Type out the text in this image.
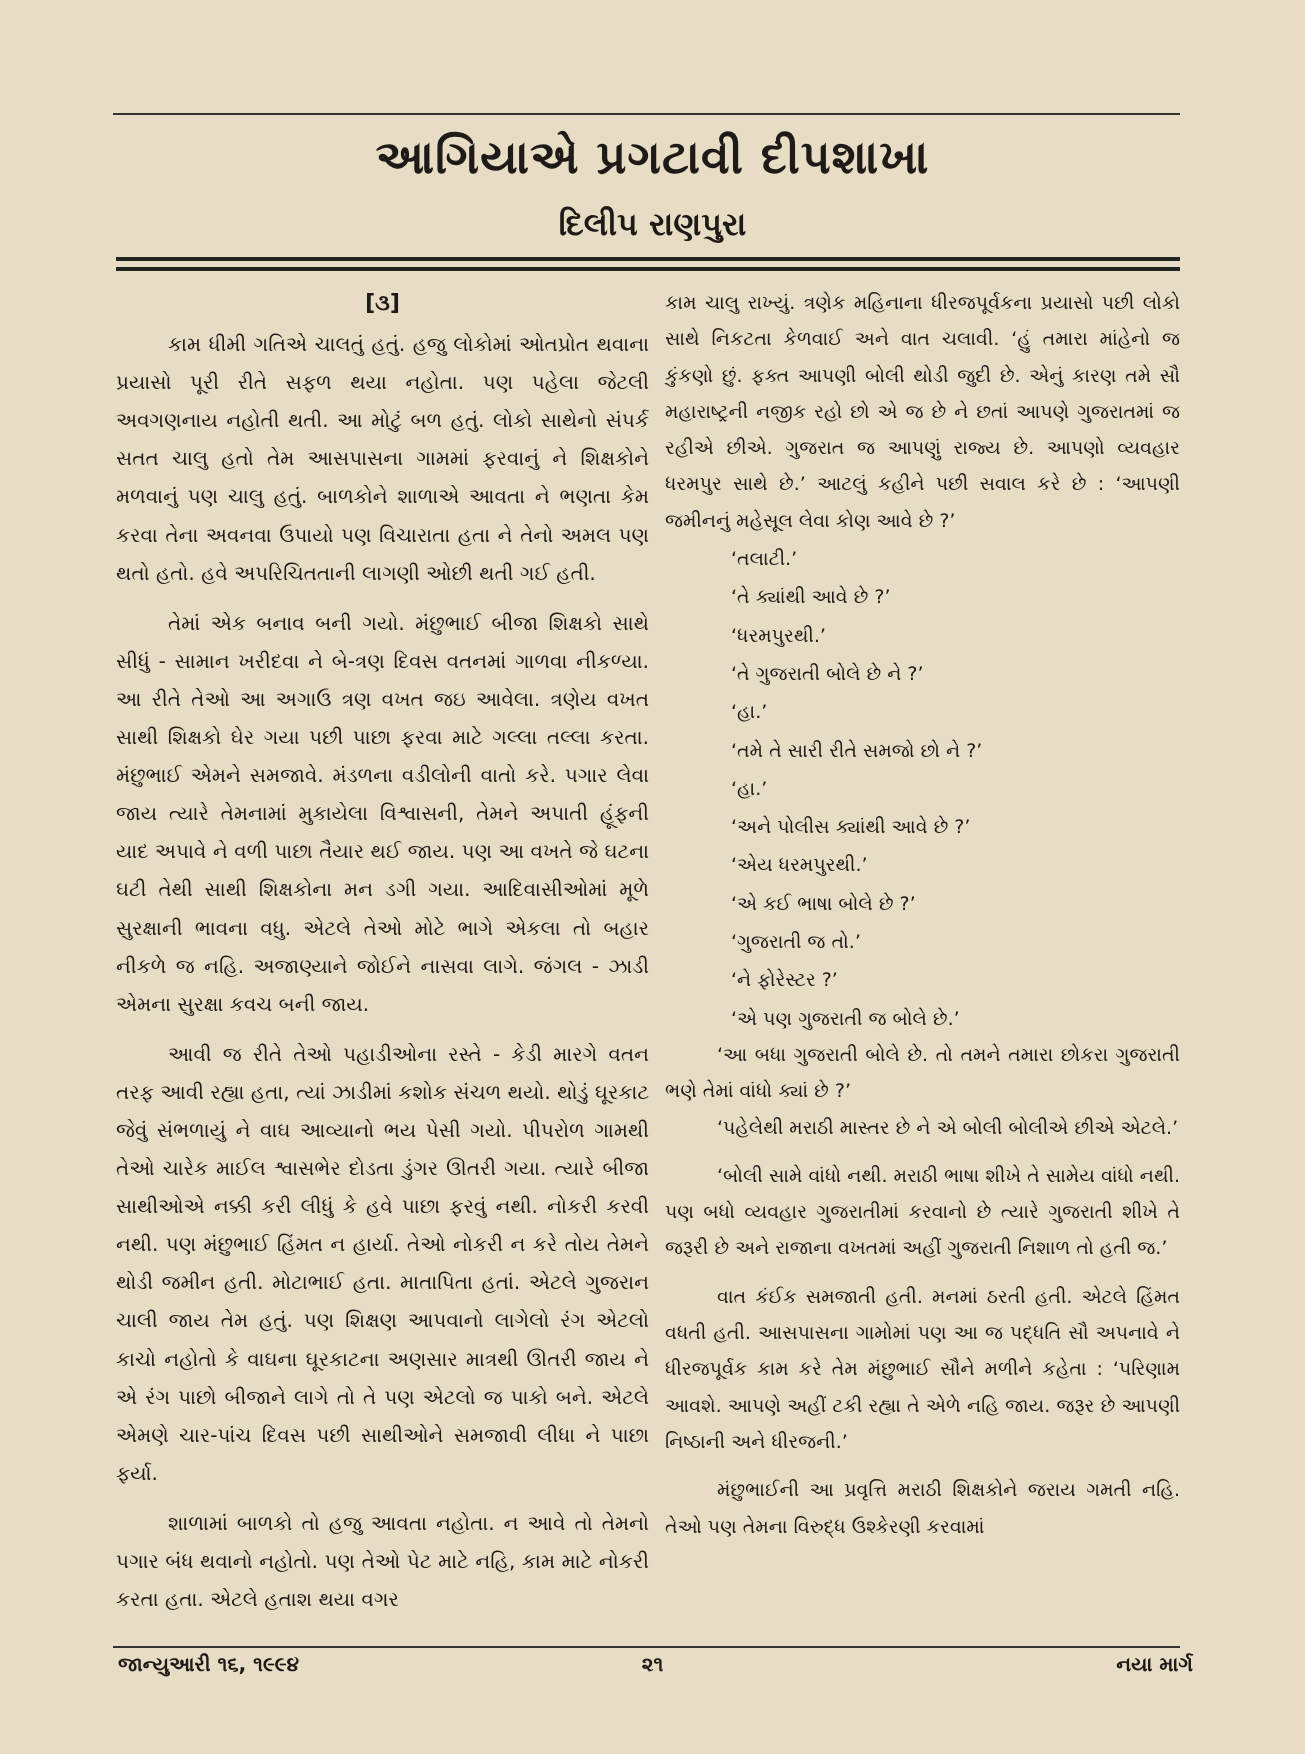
આગિયાએ પ્રગટાવી દીપશાખા
દિલીપ રાણપુરા
[૩]

કામ ધીમી ગતિએ ચાલતું હતું. હજુ લોકોમાં ઓતપ્રોત થવાના પ્રયાસો પૂરી રીતે સફળ થયા નહોતા. પણ પહેલા જેટલી અવગણનાય નહોતી થતી. આ મોટું બળ હતું. લોકો સાથેનો સંપર્ક સતત ચાલુ હતો તેમ આસપાસના ગામમાં ફરવાનું ને શિક્ષકોને મળવાનું પણ ચાલુ હતું. બાળકોને શાળાએ આવતા ને ભણતા કેમ કરવા તેના અવનવા ઉપાયો પણ વિચારાતા હતા ને તેનો અમલ પણ થતો હતો. હવે અપરિચિતતાની લાગણી ઓછી થતી ગઈ હતી.

તેમાં એક બનાવ બની ગયો. મંછુભાઈ બીજા શિક્ષકો સાથે સીધું - સામાન ખરીદવા ને બે-ત્રણ દિવસ વતનમાં ગાળવા નીકળ્યા. આ રીતે તેઓ આ અગાઉ ત્રણ વખત જઇ આવેલા. ત્રણેય વખત સાથી શિક્ષકો ઘેર ગયા પછી પાછા ફરવા માટે ગલ્લા તલ્લા કરતા. મંછુભાઈ એમને સમજાવે. મંડળના વડીલોની વાતો કરે. પગાર લેવા જાય ત્યારે તેમનામાં મુકાયેલા વિશ્વાસની, તેમને અપાતી હૂંફની યાદ અપાવે ને વળી પાછા તૈયાર થઈ જાય. પણ આ વખતે જે ઘટના ઘટી તેથી સાથી શિક્ષકોના મન ડગી ગયા. આદિવાસીઓમાં મૂળે સુરક્ષાની ભાવના વધુ. એટલે તેઓ મોટે ભાગે એકલા તો બહાર નીકળે જ નહિ. અજાણ્યાને જોઈને નાસવા લાગે. જંગલ - ઝાડી એમના સુરક્ષા કવચ બની જાય.

આવી જ રીતે તેઓ પહાડીઓના રસ્તે - કેડી મારગે વતન તરફ આવી રહ્યા હતા, ત્યાં ઝાડીમાં કશોક સંચળ થયો. થોડું ઘૂરકાટ જેવું સંભળાયું ને વાઘ આવ્યાનો ભય પેસી ગયો. પીપરોળ ગામથી તેઓ ચારેક માઈલ શ્વાસભેર દોડતા ડુંગર ઊતરી ગયા. ત્યારે બીજા સાથીઓએ નક્કી કરી લીધું કે હવે પાછા ફરવું નથી. નોકરી કરવી નથી. પણ મંછુભાઈ હિંમત ન હાર્યા. તેઓ નોકરી ન કરે તોય તેમને થોડી જમીન હતી. મોટાભાઈ હતા. માતાપિતા હતાં. એટલે ગુજરાન ચાલી જાય તેમ હતું. પણ શિક્ષણ આપવાનો લાગેલો રંગ એટલો કાચો નહોતો કે વાઘના ઘૂરકાટના અણસાર માત્રથી ઊતરી જાય ને એ રંગ પાછો બીજાને લાગે તો તે પણ એટલો જ પાકો બને. એટલે એમણે ચાર-પાંચ દિવસ પછી સાથીઓને સમજાવી લીધા ને પાછા ફર્યા.

શાળામાં બાળકો તો હજુ આવતા નહોતા. ન આવે તો તેમનો પગાર બંધ થવાનો નહોતો. પણ તેઓ પેટ માટે નહિ, કામ માટે નોકરી કરતા હતા. એટલે હતાશ થયા વગર

કામ ચાલુ રાખ્યું. ત્રણેક મહિનાના ધીરજપૂર્વકના પ્રયાસો પછી લોકો સાથે નિકટતા કેળવાઈ અને વાત ચલાવી. ‘હું તમારા માંહેનો જ કુંકણો છું. ફક્ત આપણી બોલી થોડી જુદી છે. એનું કારણ તમે સૌ મહારાષ્ટ્રની નજીક રહો છો એ જ છે ને છતાં આપણે ગુજરાતમાં જ રહીએ છીએ. ગુજરાત જ આપણું રાજ્ય છે. આપણો વ્યવહાર ધરમપુર સાથે છે.’ આટલું કહીને પછી સવાલ કરે છે : ‘આપણી જમીનનું મહેસૂલ લેવા કોણ આવે છે ?’

‘તલાટી.’

‘તે ક્યાંથી આવે છે ?’

‘ધરમપુરથી.’

‘તે ગુજરાતી બોલે છે ને ?’

‘હા.’

‘તમે તે સારી રીતે સમજો છો ને ?’

‘હા.’

‘અને પોલીસ ક્યાંથી આવે છે ?’

‘એય ધરમપુરથી.’

‘એ કઈ ભાષા બોલે છે ?’

‘ગુજરાતી જ તો.’

‘ને ફોરેસ્ટર ?’

‘એ પણ ગુજરાતી જ બોલે છે.’

‘આ બધા ગુજરાતી બોલે છે. તો તમને તમારા છોકરા ગુજરાતી ભણે તેમાં વાંધો ક્યાં છે ?’

‘પહેલેથી મરાઠી માસ્તર છે ને એ બોલી બોલીએ છીએ એટલે.’

‘બોલી સામે વાંધો નથી. મરાઠી ભાષા શીખે તે સામેય વાંધો નથી. પણ બધો વ્યવહાર ગુજરાતીમાં કરવાનો છે ત્યારે ગુજરાતી શીખે તે જરૂરી છે અને રાજાના વખતમાં અહીં ગુજરાતી નિશાળ તો હતી જ.’

વાત કંઈક સમજાતી હતી. મનમાં ઠરતી હતી. એટલે હિંમત વધતી હતી. આસપાસના ગામોમાં પણ આ જ પદ્ધતિ સૌ અપનાવે ને ધીરજપૂર્વક કામ કરે તેમ મંછુભાઈ સૌને મળીને કહેતા : ‘પરિણામ આવશે. આપણે અહીં ટકી રહ્યા તે એળે નહિ જાય. જરૂર છે આપણી નિષ્ઠાની અને ધીરજની.’

મંછુભાઈની આ પ્રવૃત્તિ મરાઠી શિક્ષકોને જરાય ગમતી નહિ. તેઓ પણ તેમના વિરુદ્ધ ઉશ્કેરણી કરવામાં

જાન્યુઆરી ૧૬, ૧૯૯૪	૨૧	નયા માર્ગ
